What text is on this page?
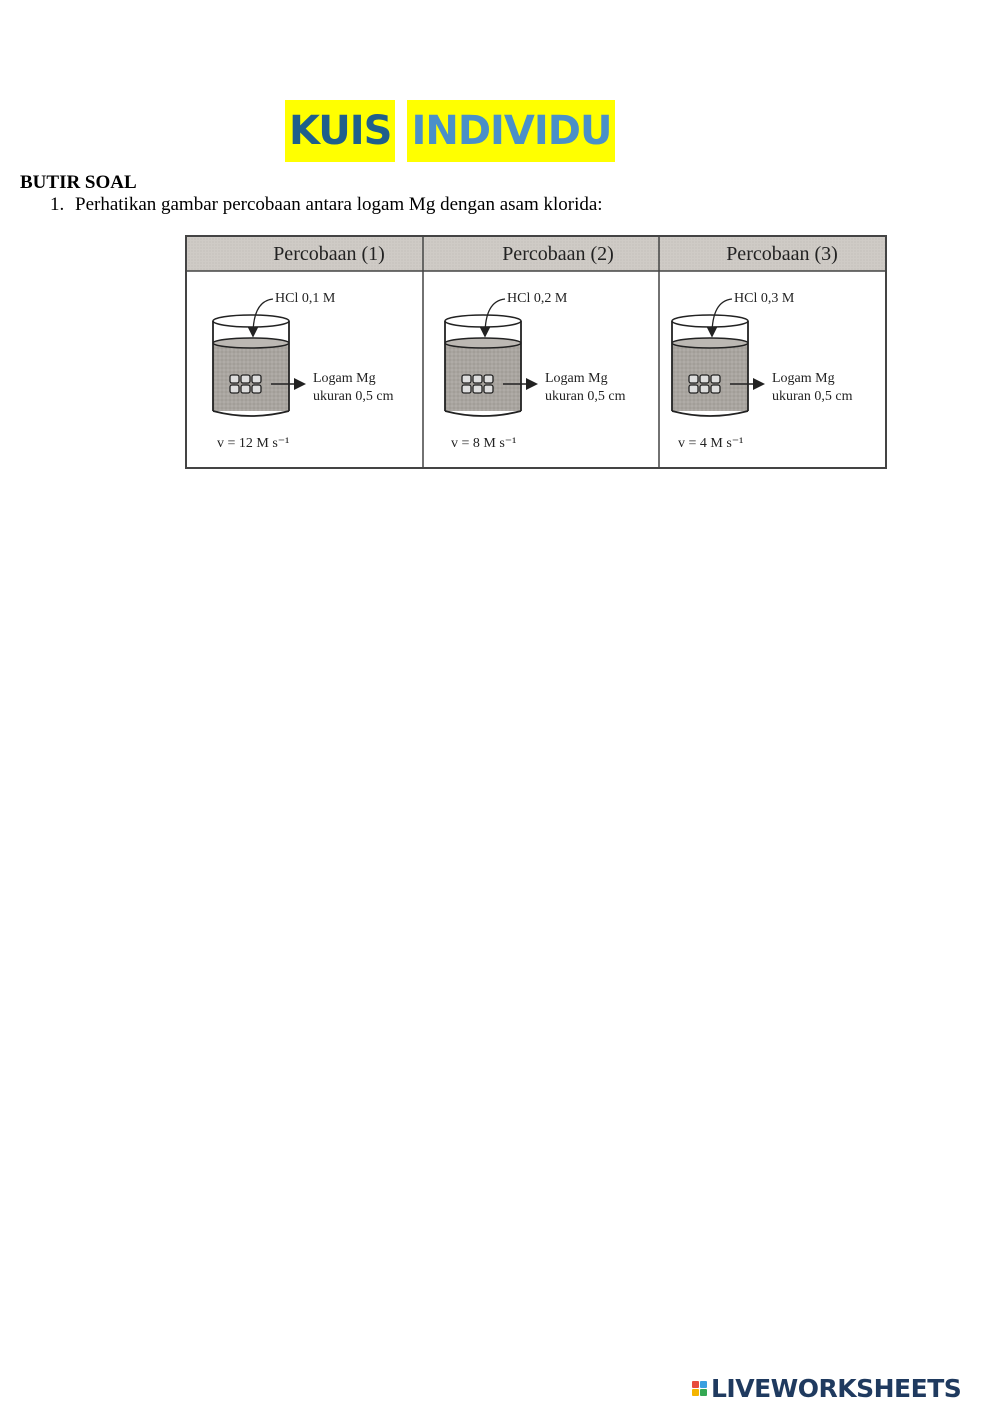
KUIS INDIVIDU
BUTIR SOAL
1. Perhatikan gambar percobaan antara logam Mg dengan asam klorida:
Percobaan (1)
HCl 0,1 M
Logam Mg
ukuran 0,5 cm
v = 12 M s⁻¹
Percobaan (2)
HCl 0,2 M
Logam Mg
ukuran 0,5 cm
v = 8 M s⁻¹
Percobaan (3)
HCl 0,3 M
Logam Mg
ukuran 0,5 cm
v = 4 M s⁻¹
LIVEWORKSHEETS
